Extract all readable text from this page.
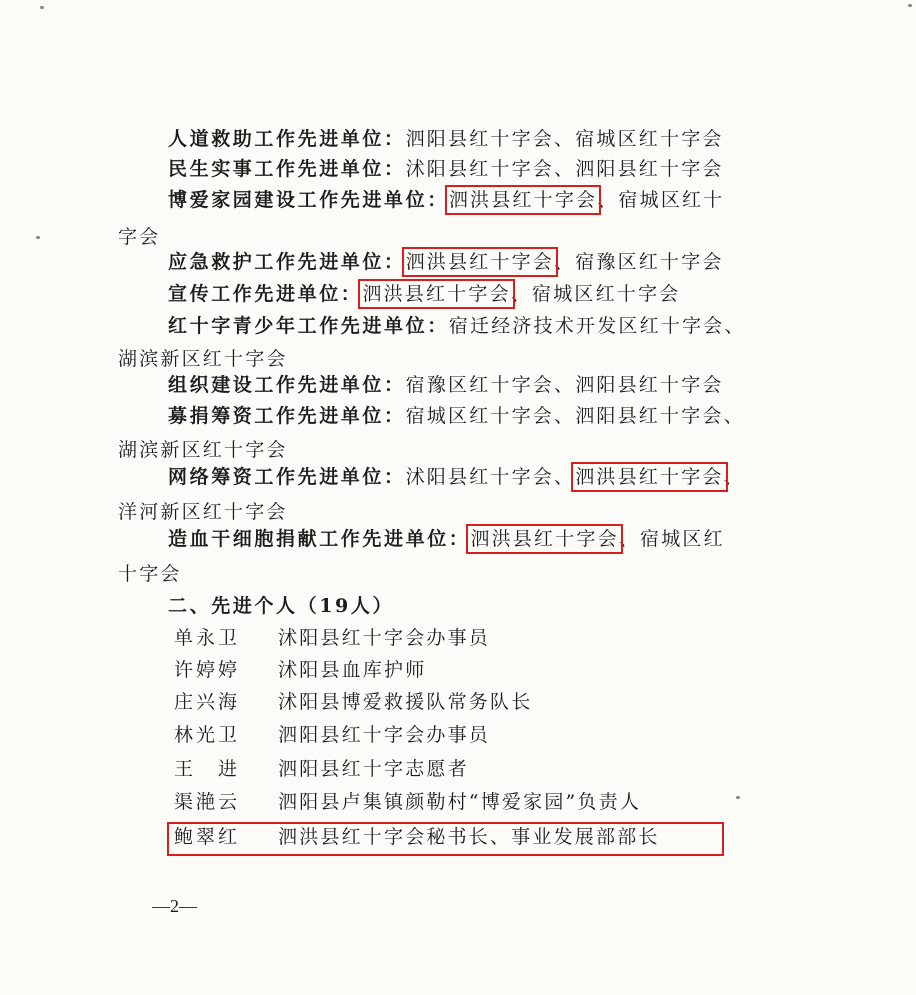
人道救助工作先进单位：泗阳县红十字会、宿城区红十字会
民生实事工作先进单位：沭阳县红十字会、泗阳县红十字会
博爱家园建设工作先进单位：泗洪县红十字会、宿城区红十
字会
应急救护工作先进单位：泗洪县红十字会、宿豫区红十字会
宣传工作先进单位：泗洪县红十字会、宿城区红十字会
红十字青少年工作先进单位：宿迁经济技术开发区红十字会、
湖滨新区红十字会
组织建设工作先进单位：宿豫区红十字会、泗阳县红十字会
募捐筹资工作先进单位：宿城区红十字会、泗阳县红十字会、
湖滨新区红十字会
网络筹资工作先进单位：沭阳县红十字会、泗洪县红十字会、
洋河新区红十字会
造血干细胞捐献工作先进单位：泗洪县红十字会、宿城区红
十字会
二、先进个人（19人）
单永卫 沭阳县红十字会办事员
许婷婷 沭阳县血库护师
庄兴海 沭阳县博爱救援队常务队长
林光卫 泗阳县红十字会办事员
王　进 泗阳县红十字志愿者
渠滟云 泗阳县卢集镇颜勒村“博爱家园”负责人
鲍翠红 泗洪县红十字会秘书长、事业发展部部长
—2—
